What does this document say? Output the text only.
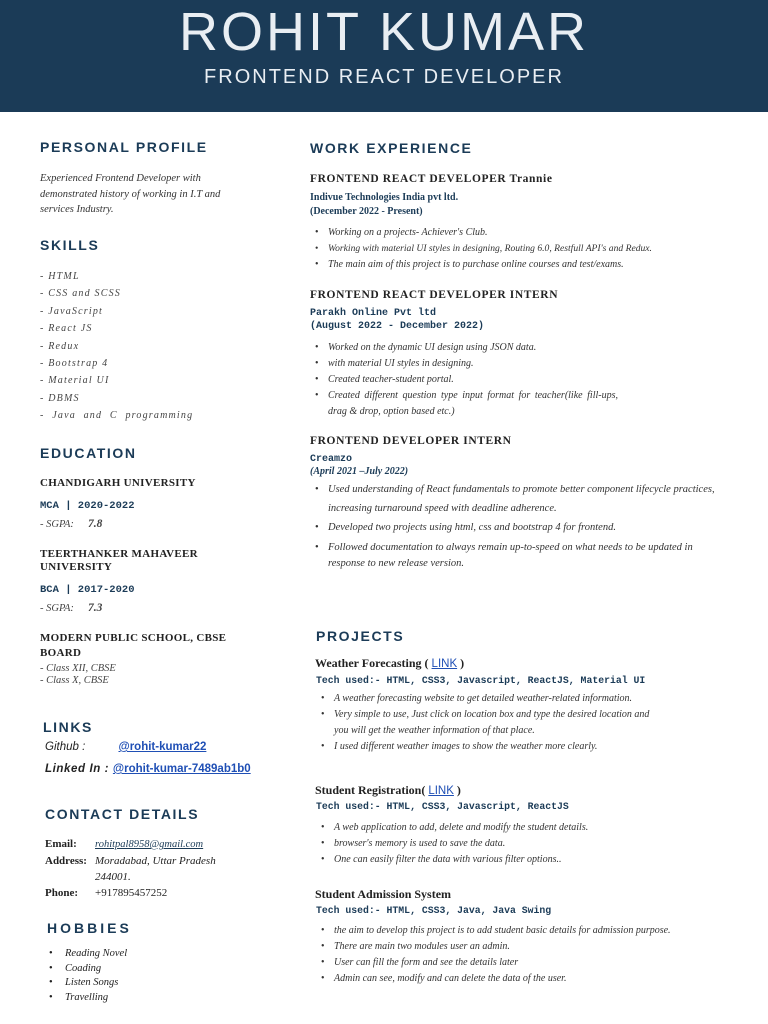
ROHIT KUMAR
FRONTEND REACT DEVELOPER
PERSONAL PROFILE
Experienced Frontend Developer with demonstrated history of working in I.T and services Industry.
SKILLS
- HTML
- CSS and SCSS
- JavaScript
- React JS
- Redux
- Bootstrap 4
- Material UI
- DBMS
- Java and C programming
EDUCATION
CHANDIGARH UNIVERSITY
MCA | 2020-2022
- SGPA: 7.8
TEERTHANKER MAHAVEER UNIVERSITY
BCA | 2017-2020
- SGPA: 7.3
MODERN PUBLIC SCHOOL, CBSE BOARD
- Class XII, CBSE
- Class X, CBSE
LINKS
Github :	@rohit-kumar22
Linked In : @rohit-kumar-7489ab1b0
CONTACT DETAILS
Email: rohitpal8958@gmail.com
Address: Moradabad, Uttar Pradesh
244001.
Phone: +917895457252
HOBBIES
• Reading Novel
• Coading
• Listen Songs
• Travelling
WORK EXPERIENCE
FRONTEND REACT DEVELOPER Trannie
Indivue Technologies India pvt ltd.
(December 2022 - Present)
• Working on a projects- Achiever's Club.
• Working with material UI styles in designing, Routing 6.0, Restfull API's and Redux.
• The main aim of this project is to purchase online courses and test/exams.
FRONTEND REACT DEVELOPER INTERN
Parakh Online Pvt ltd
(August 2022 - December 2022)
• Worked on the dynamic UI design using JSON data.
• with material UI styles in designing.
• Created teacher-student portal.
• Created different question type input format for teacher(like fill-ups, drag & drop, option based etc.)
FRONTEND DEVELOPER INTERN
Creamzo
(April 2021 –July 2022)
• Used understanding of React fundamentals to promote better component lifecycle practices, increasing turnaround speed with deadline adherence.
• Developed two projects using html, css and bootstrap 4 for frontend.
• Followed documentation to always remain up-to-speed on what needs to be updated in response to new release version.
PROJECTS
Weather Forecasting ( LINK )
Tech used:- HTML, CSS3, Javascript, ReactJS, Material UI
• A weather forecasting website to get detailed weather-related information.
• Very simple to use, Just click on location box and type the desired location and you will get the weather information of that place.
• I used different weather images to show the weather more clearly.
Student Registration( LINK )
Tech used:- HTML, CSS3, Javascript, ReactJS
• A web application to add, delete and modify the student details.
• browser's memory is used to save the data.
• One can easily filter the data with various filter options..
Student Admission System
Tech used:- HTML, CSS3, Java, Java Swing
• the aim to develop this project is to add student basic details for admission purpose.
• There are main two modules user an admin.
• User can fill the form and see the details later
• Admin can see, modify and can delete the data of the user.
